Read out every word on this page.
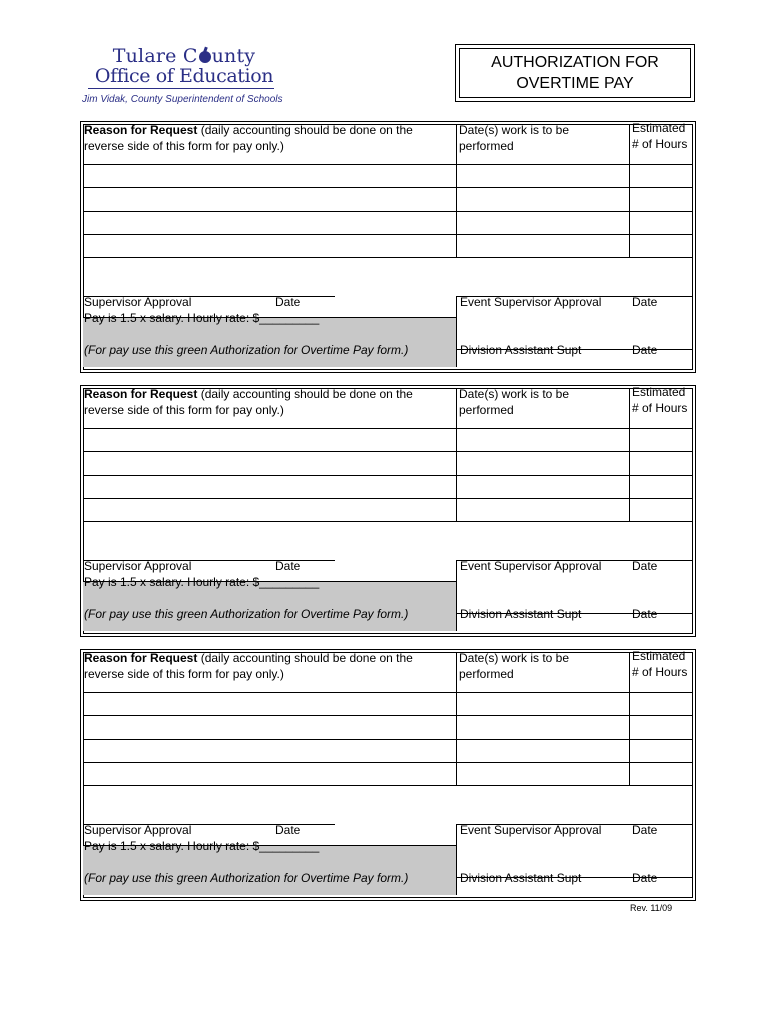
Tulare C unty
Office of Education
Jim Vidak, County Superintendent of Schools
AUTHORIZATION FOR
OVERTIME PAY
Reason for Request (daily accounting should be done on the
reverse side of this form for pay only.)
Date(s) work is to be
performed
Estimated
# of Hours
Supervisor Approval	Date
Pay is 1.5 x salary. Hourly rate: $_________
(For pay use this green Authorization for Overtime Pay form.)
Event Supervisor Approval	Date
Division Assistant Supt	Date
Reason for Request (daily accounting should be done on the
reverse side of this form for pay only.)
Date(s) work is to be
performed
Estimated
# of Hours
Supervisor Approval	Date
Pay is 1.5 x salary. Hourly rate: $_________
(For pay use this green Authorization for Overtime Pay form.)
Event Supervisor Approval	Date
Division Assistant Supt	Date
Reason for Request (daily accounting should be done on the
reverse side of this form for pay only.)
Date(s) work is to be
performed
Estimated
# of Hours
Supervisor Approval	Date
Pay is 1.5 x salary. Hourly rate: $_________
(For pay use this green Authorization for Overtime Pay form.)
Event Supervisor Approval	Date
Division Assistant Supt	Date
Rev. 11/09
